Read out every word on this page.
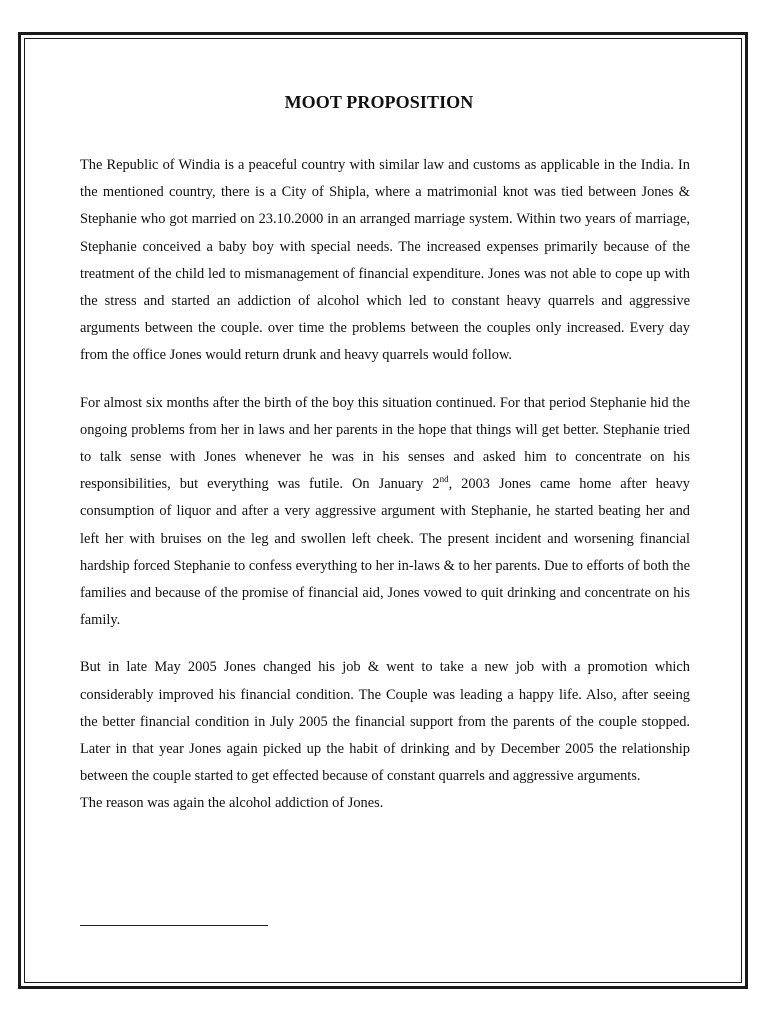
MOOT PROPOSITION

The Republic of Windia is a peaceful country with similar law and customs as applicable in the India. In the mentioned country, there is a City of Shipla, where a matrimonial knot was tied between Jones & Stephanie who got married on 23.10.2000 in an arranged marriage system. Within two years of marriage, Stephanie conceived a baby boy with special needs. The increased expenses primarily because of the treatment of the child led to mismanagement of financial expenditure. Jones was not able to cope up with the stress and started an addiction of alcohol which led to constant heavy quarrels and aggressive arguments between the couple. over time the problems between the couples only increased. Every day from the office Jones would return drunk and heavy quarrels would follow.

For almost six months after the birth of the boy this situation continued. For that period Stephanie hid the ongoing problems from her in laws and her parents in the hope that things will get better. Stephanie tried to talk sense with Jones whenever he was in his senses and asked him to concentrate on his responsibilities, but everything was futile. On January 2nd, 2003 Jones came home after heavy consumption of liquor and after a very aggressive argument with Stephanie, he started beating her and left her with bruises on the leg and swollen left cheek. The present incident and worsening financial hardship forced Stephanie to confess everything to her in-laws & to her parents. Due to efforts of both the families and because of the promise of financial aid, Jones vowed to quit drinking and concentrate on his family.

But in late May 2005 Jones changed his job & went to take a new job with a promotion which considerably improved his financial condition. The Couple was leading a happy life. Also, after seeing the better financial condition in July 2005 the financial support from the parents of the couple stopped. Later in that year Jones again picked up the habit of drinking and by December 2005 the relationship between the couple started to get effected because of constant quarrels and aggressive arguments.

The reason was again the alcohol addiction of Jones.
